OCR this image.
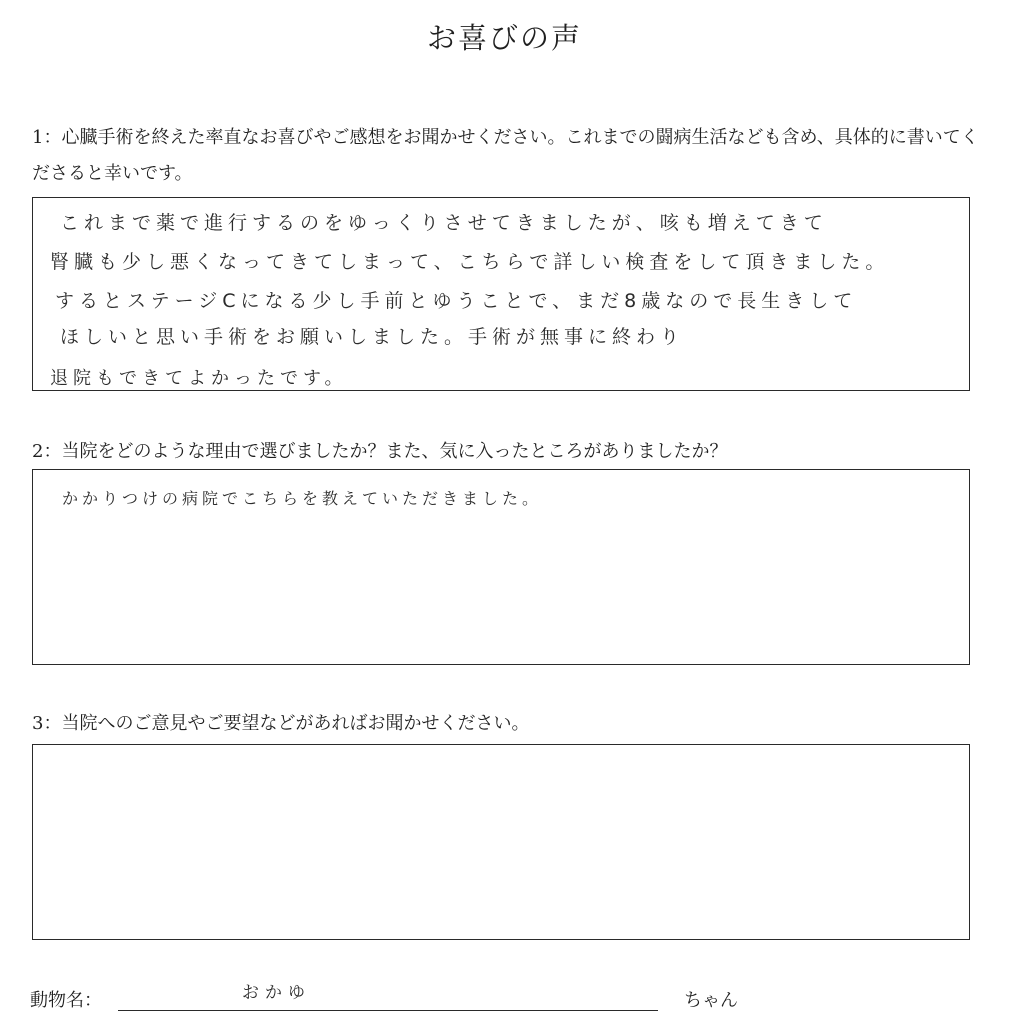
お喜びの声
1：心臓手術を終えた率直なお喜びやご感想をお聞かせください。これまでの闘病生活なども含め、具体的に書いてくださると幸いです。
これまで薬で進行するのをゆっくりさせてきましたが、咳も増えてきて
腎臓も少し悪くなってきてしまって、こちらで詳しい検査をして頂きました。
するとステージCになる少し手前とゆうことで、まだ8歳なので長生きして
ほしいと思い手術をお願いしました。手術が無事に終わり
退院もできてよかったです。
2：当院をどのような理由で選びましたか？また、気に入ったところがありましたか？
かかりつけの病院でこちらを教えていただきました。
3：当院へのご意見やご要望などがあればお聞かせください。
動物名：	おかゆ	ちゃん
